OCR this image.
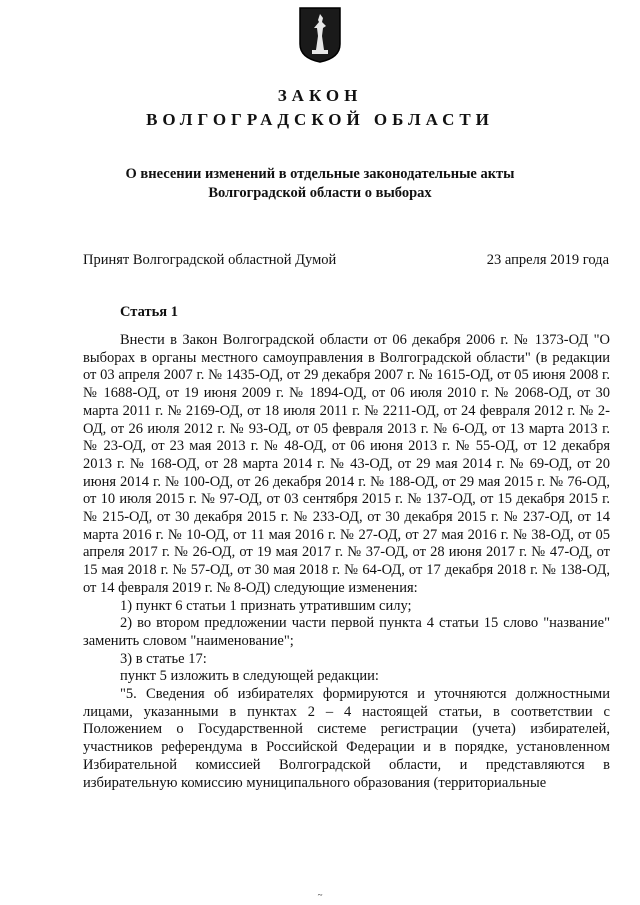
ЗАКОН
ВОЛГОГРАДСКОЙ ОБЛАСТИ
О внесении изменений в отдельные законодательные акты
Волгоградской области о выборах
Принят Волгоградской областной Думой	23 апреля 2019 года
Статья 1

Внести в Закон Волгоградской области от 06 декабря 2006 г. № 1373-ОД "О выборах в органы местного самоуправления в Волгоградской области" (в редакции от 03 апреля 2007 г. № 1435-ОД, от 29 декабря 2007 г. № 1615-ОД, от 05 июня 2008 г. № 1688-ОД, от 19 июня 2009 г. № 1894-ОД, от 06 июля 2010 г. № 2068-ОД, от 30 марта 2011 г. № 2169-ОД, от 18 июля 2011 г. № 2211-ОД, от 24 февраля 2012 г. № 2-ОД, от 26 июля 2012 г. № 93-ОД, от 05 февраля 2013 г. № 6-ОД, от 13 марта 2013 г. № 23-ОД, от 23 мая 2013 г. № 48-ОД, от 06 июня 2013 г. № 55-ОД, от 12 декабря 2013 г. № 168-ОД, от 28 марта 2014 г. № 43-ОД, от 29 мая 2014 г. № 69-ОД, от 20 июня 2014 г. № 100-ОД, от 26 декабря 2014 г. № 188-ОД, от 29 мая 2015 г. № 76-ОД, от 10 июля 2015 г. № 97-ОД, от 03 сентября 2015 г. № 137-ОД, от 15 декабря 2015 г. № 215-ОД, от 30 декабря 2015 г. № 233-ОД, от 30 декабря 2015 г. № 237-ОД, от 14 марта 2016 г. № 10-ОД, от 11 мая 2016 г. № 27-ОД, от 27 мая 2016 г. № 38-ОД, от 05 апреля 2017 г. № 26-ОД, от 19 мая 2017 г. № 37-ОД, от 28 июня 2017 г. № 47-ОД, от 15 мая 2018 г. № 57-ОД, от 30 мая 2018 г. № 64-ОД, от 17 декабря 2018 г. № 138-ОД, от 14 февраля 2019 г. № 8-ОД) следующие изменения:

1) пункт 6 статьи 1 признать утратившим силу;

2) во втором предложении части первой пункта 4 статьи 15 слово "название" заменить словом "наименование";

3) в статье 17:

пункт 5 изложить в следующей редакции:

"5. Сведения об избирателях формируются и уточняются должностными лицами, указанными в пунктах 2 – 4 настоящей статьи, в соответствии с Положением о Государственной системе регистрации (учета) избирателей, участников референдума в Российской Федерации и в порядке, установленном Избирательной комиссией Волгоградской области, и представляются в избирательную комиссию муниципального образования (территориальные

~
